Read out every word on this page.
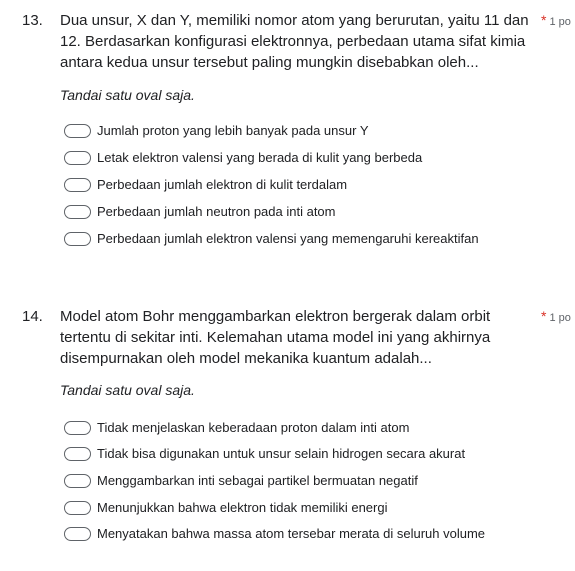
13. Dua unsur, X dan Y, memiliki nomor atom yang berurutan, yaitu 11 dan 12. Berdasarkan konfigurasi elektronnya, perbedaan utama sifat kimia antara kedua unsur tersebut paling mungkin disebabkan oleh...
* 1 po
Tandai satu oval saja.
Jumlah proton yang lebih banyak pada unsur Y
Letak elektron valensi yang berada di kulit yang berbeda
Perbedaan jumlah elektron di kulit terdalam
Perbedaan jumlah neutron pada inti atom
Perbedaan jumlah elektron valensi yang memengaruhi kereaktifan
14. Model atom Bohr menggambarkan elektron bergerak dalam orbit tertentu di sekitar inti. Kelemahan utama model ini yang akhirnya disempurnakan oleh model mekanika kuantum adalah...
* 1 po
Tandai satu oval saja.
Tidak menjelaskan keberadaan proton dalam inti atom
Tidak bisa digunakan untuk unsur selain hidrogen secara akurat
Menggambarkan inti sebagai partikel bermuatan negatif
Menunjukkan bahwa elektron tidak memiliki energi
Menyatakan bahwa massa atom tersebar merata di seluruh volume
